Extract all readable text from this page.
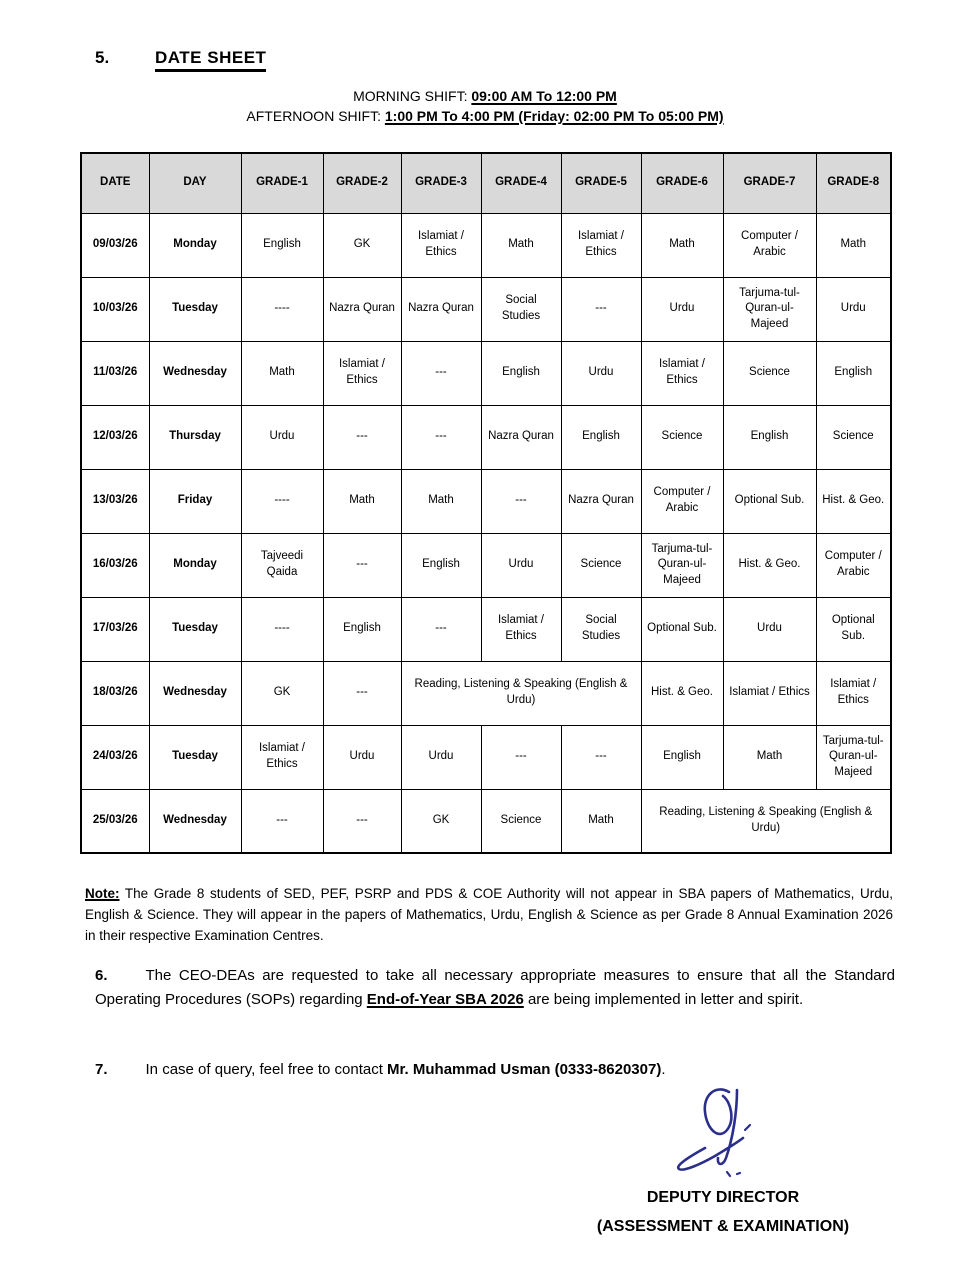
5.	DATE SHEET
MORNING SHIFT: 09:00 AM To 12:00 PM
AFTERNOON SHIFT: 1:00 PM To 4:00 PM (Friday: 02:00 PM To 05:00 PM)
DATE	DAY	GRADE-1	GRADE-2	GRADE-3	GRADE-4	GRADE-5	GRADE-6	GRADE-7	GRADE-8
09/03/26	Monday	English	GK	Islamiat / Ethics	Math	Islamiat / Ethics	Math	Computer / Arabic	Math
10/03/26	Tuesday	----	Nazra Quran	Nazra Quran	Social Studies	---	Urdu	Tarjuma-tul-Quran-ul-Majeed	Urdu
11/03/26	Wednesday	Math	Islamiat / Ethics	---	English	Urdu	Islamiat / Ethics	Science	English
12/03/26	Thursday	Urdu	---	---	Nazra Quran	English	Science	English	Science
13/03/26	Friday	----	Math	Math	---	Nazra Quran	Computer / Arabic	Optional Sub.	Hist. & Geo.
16/03/26	Monday	Tajveedi Qaida	---	English	Urdu	Science	Tarjuma-tul-Quran-ul-Majeed	Hist. & Geo.	Computer / Arabic
17/03/26	Tuesday	----	English	---	Islamiat / Ethics	Social Studies	Optional Sub.	Urdu	Optional Sub.
18/03/26	Wednesday	GK	---	Reading, Listening & Speaking (English & Urdu)			Hist. & Geo.	Islamiat / Ethics	Islamiat / Ethics
24/03/26	Tuesday	Islamiat / Ethics	Urdu	Urdu	---	---	English	Math	Tarjuma-tul-Quran-ul-Majeed
25/03/26	Wednesday	---	---	GK	Science	Math	Reading, Listening & Speaking (English & Urdu)		

Note: The Grade 8 students of SED, PEF, PSRP and PDS & COE Authority will not appear in SBA papers of Mathematics, Urdu, English & Science. They will appear in the papers of Mathematics, Urdu, English & Science as per Grade 8 Annual Examination 2026 in their respective Examination Centres.

6.	The CEO-DEAs are requested to take all necessary appropriate measures to ensure that all the Standard Operating Procedures (SOPs) regarding End-of-Year SBA 2026 are being implemented in letter and spirit.
7.	In case of query, feel free to contact Mr. Muhammad Usman (0333-8620307).
DEPUTY DIRECTOR
(ASSESSMENT & EXAMINATION)
